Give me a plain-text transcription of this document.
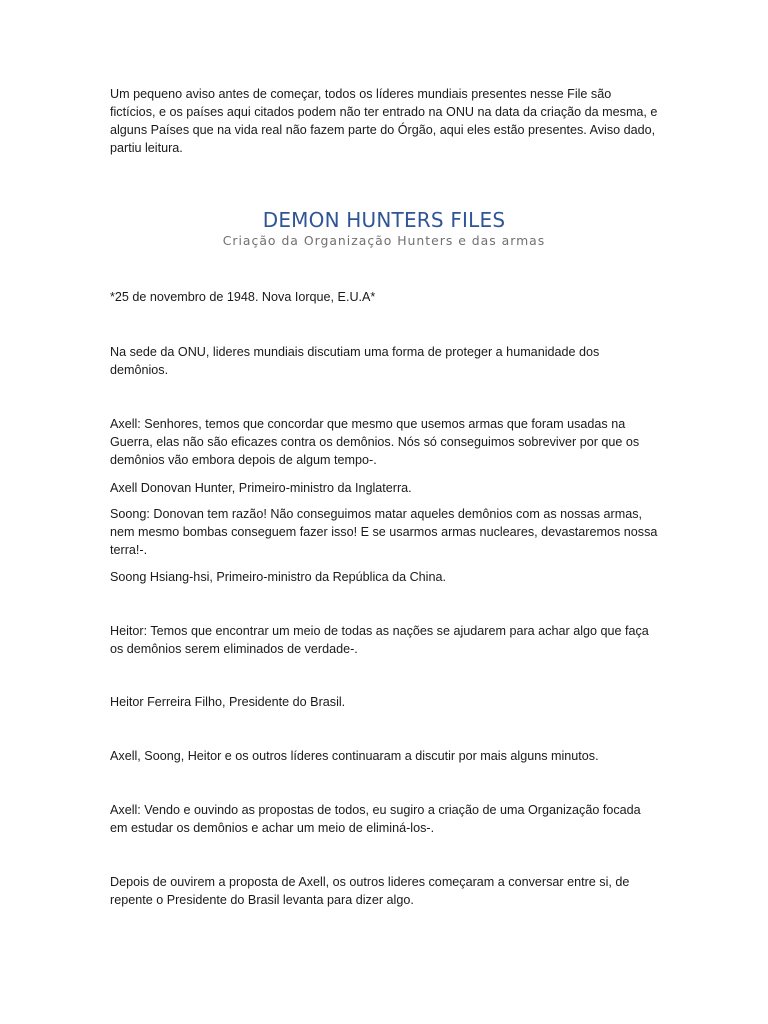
Um pequeno aviso antes de começar, todos os líderes mundiais presentes nesse File são fictícios, e os países aqui citados podem não ter entrado na ONU na data da criação da mesma, e alguns Países que na vida real não fazem parte do Órgão, aqui eles estão presentes. Aviso dado, partiu leitura.

DEMON HUNTERS FILES

Criação da Organização Hunters e das armas

*25 de novembro de 1948. Nova Iorque, E.U.A*

Na sede da ONU, lideres mundiais discutiam uma forma de proteger a humanidade dos demônios.

Axell: Senhores, temos que concordar que mesmo que usemos armas que foram usadas na Guerra, elas não são eficazes contra os demônios. Nós só conseguimos sobreviver por que os demônios vão embora depois de algum tempo-.

Axell Donovan Hunter, Primeiro-ministro da Inglaterra.

Soong: Donovan tem razão! Não conseguimos matar aqueles demônios com as nossas armas, nem mesmo bombas conseguem fazer isso! E se usarmos armas nucleares, devastaremos nossa terra!-.

Soong Hsiang-hsi, Primeiro-ministro da República da China.

Heitor: Temos que encontrar um meio de todas as nações se ajudarem para achar algo que faça os demônios serem eliminados de verdade-.

Heitor Ferreira Filho, Presidente do Brasil.

Axell, Soong, Heitor e os outros líderes continuaram a discutir por mais alguns minutos.

Axell: Vendo e ouvindo as propostas de todos, eu sugiro a criação de uma Organização focada em estudar os demônios e achar um meio de eliminá-los-.

Depois de ouvirem a proposta de Axell, os outros lideres começaram a conversar entre si, de repente o Presidente do Brasil levanta para dizer algo.
